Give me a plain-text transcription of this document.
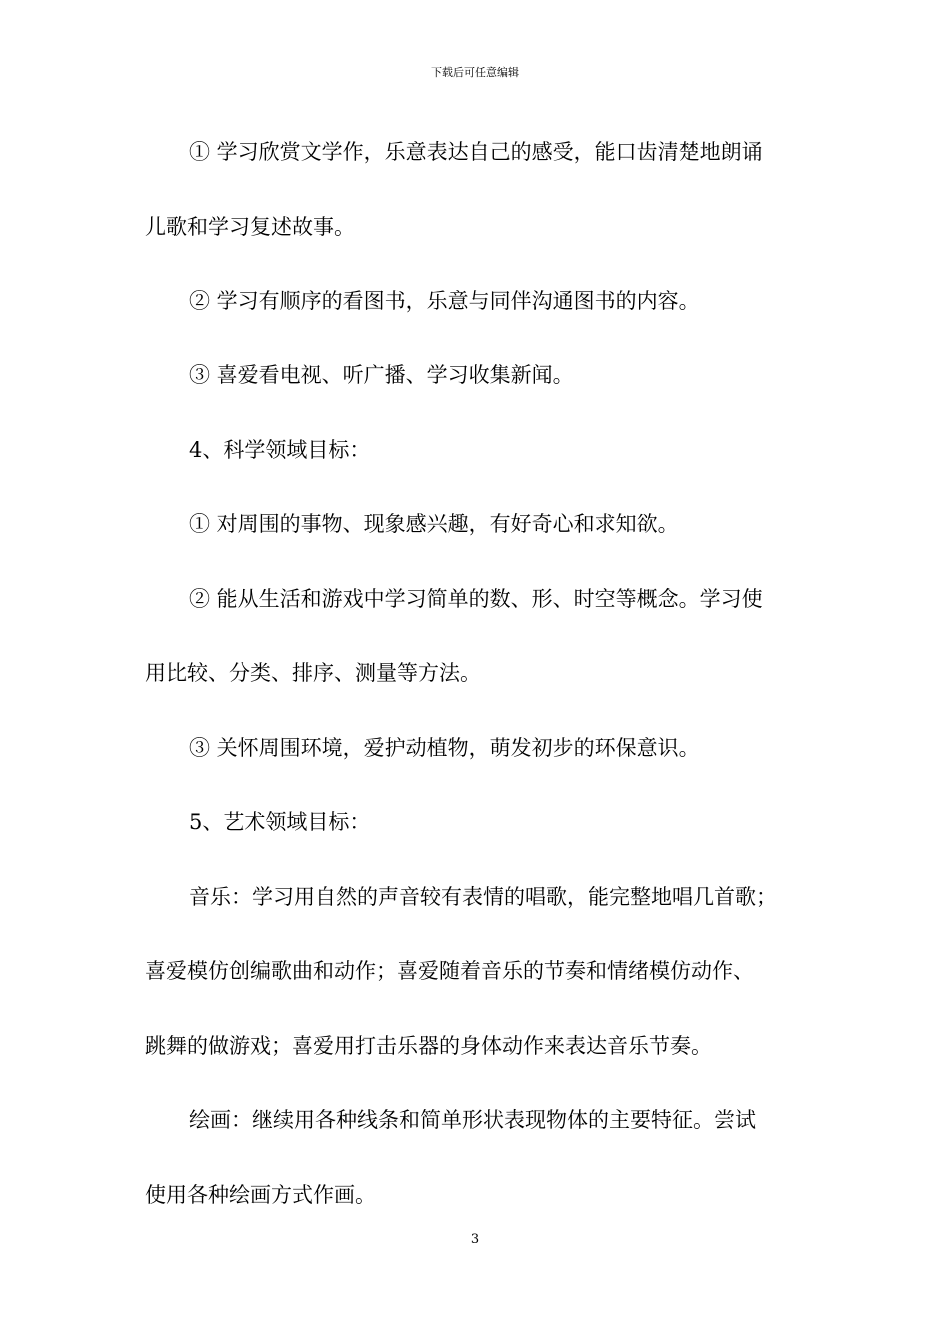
下载后可任意编辑
① 学习欣赏文学作，乐意表达自己的感受，能口齿清楚地朗诵
儿歌和学习复述故事。
② 学习有顺序的看图书，乐意与同伴沟通图书的内容。
③ 喜爱看电视、听广播、学习收集新闻。
4、科学领域目标：
① 对周围的事物、现象感兴趣，有好奇心和求知欲。
② 能从生活和游戏中学习简单的数、形、时空等概念。学习使
用比较、分类、排序、测量等方法。
③ 关怀周围环境，爱护动植物，萌发初步的环保意识。
5、艺术领域目标：
音乐：学习用自然的声音较有表情的唱歌，能完整地唱几首歌；
喜爱模仿创编歌曲和动作；喜爱随着音乐的节奏和情绪模仿动作、
跳舞的做游戏；喜爱用打击乐器的身体动作来表达音乐节奏。
绘画：继续用各种线条和简单形状表现物体的主要特征。尝试
使用各种绘画方式作画。
3
